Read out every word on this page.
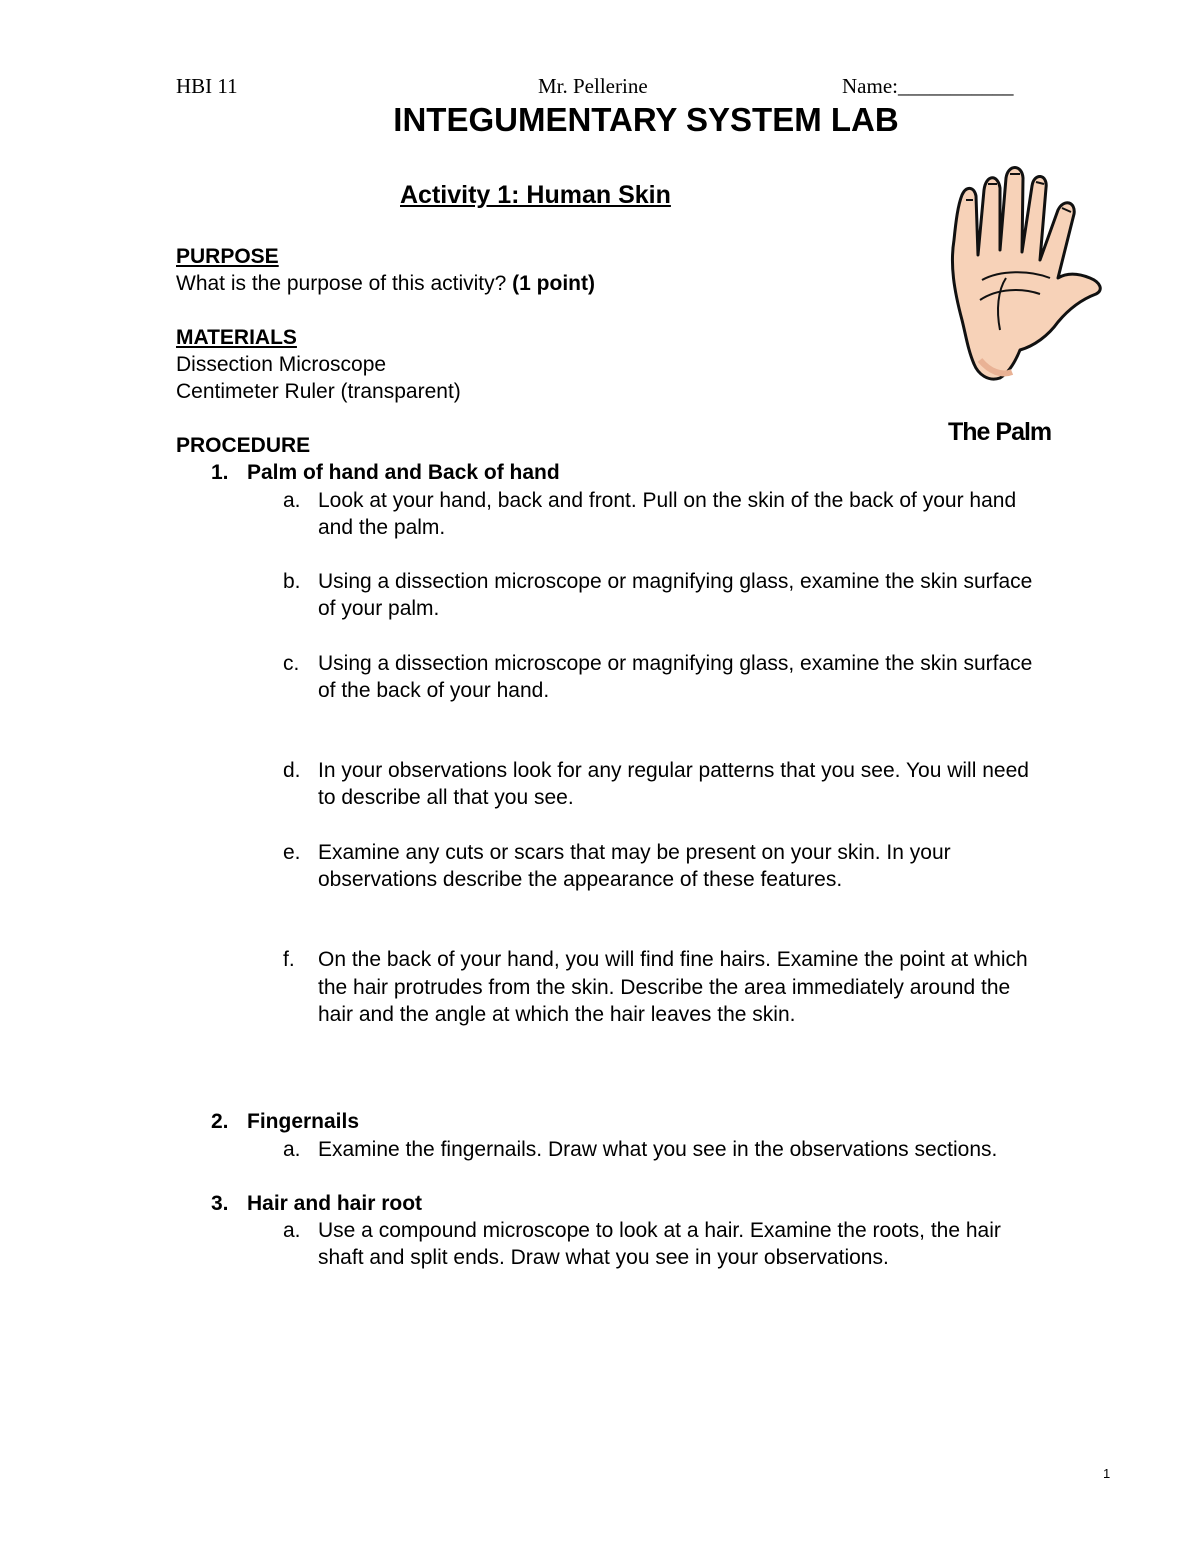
HBI 11	Mr. Pellerine	Name:___________
INTEGUMENTARY SYSTEM LAB
Activity 1: Human Skin
PURPOSE
What is the purpose of this activity? (1 point)
MATERIALS
Dissection Microscope
Centimeter Ruler (transparent)
The Palm
PROCEDURE
1. Palm of hand and Back of hand
a. Look at your hand, back and front. Pull on the skin of the back of your hand
and the palm.
b. Using a dissection microscope or magnifying glass, examine the skin surface
of your palm.
c. Using a dissection microscope or magnifying glass, examine the skin surface
of the back of your hand.
d. In your observations look for any regular patterns that you see. You will need
to describe all that you see.
e. Examine any cuts or scars that may be present on your skin. In your
observations describe the appearance of these features.
f.	On the back of your hand, you will find fine hairs. Examine the point at which
the hair protrudes from the skin. Describe the area immediately around the
hair and the angle at which the hair leaves the skin.
2. Fingernails
a. Examine the fingernails. Draw what you see in the observations sections.
3. Hair and hair root
a. Use a compound microscope to look at a hair. Examine the roots, the hair
shaft and split ends. Draw what you see in your observations.
1
